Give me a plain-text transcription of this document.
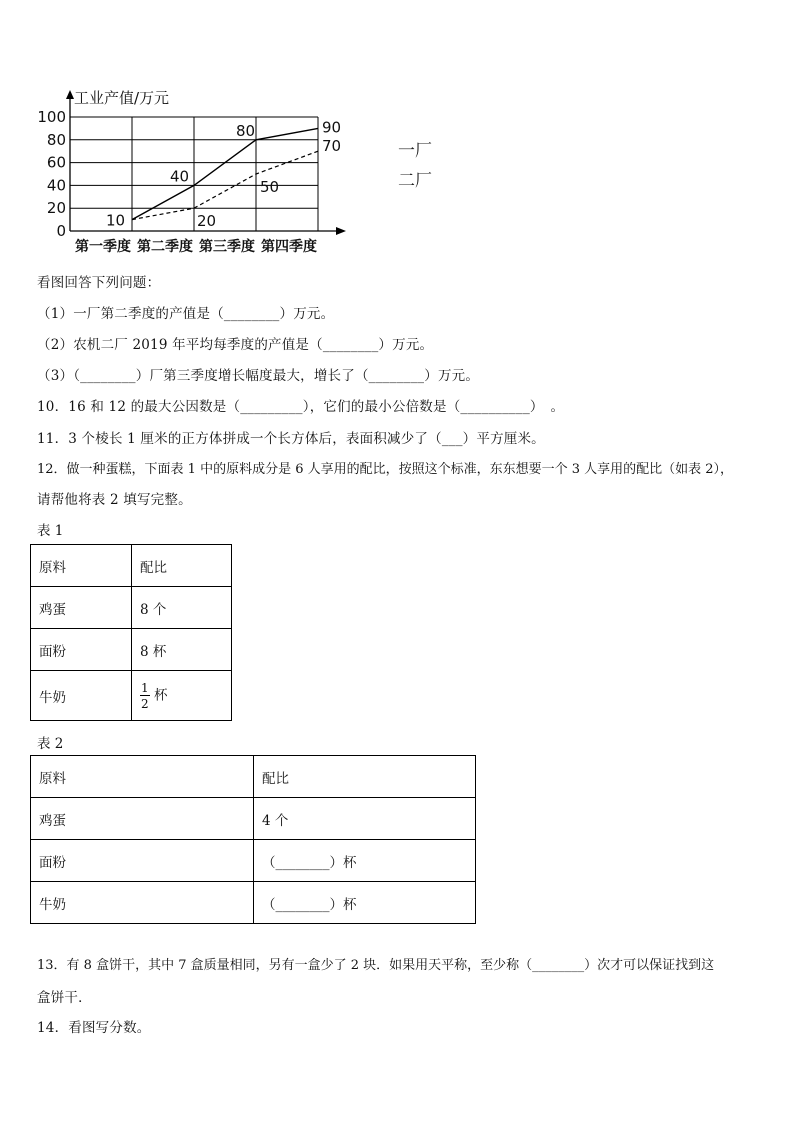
工业产值/万元
100
80
60
40
20
0
第一季度 第二季度 第三季度 第四季度
10
40
80	90
20
50
70	一厂
二厂
看图回答下列问题：
（1）一厂第二季度的产值是（________）万元。
（2）农机二厂 2019 年平均每季度的产值是（________）万元。
（3）（________）厂第三季度增长幅度最大，增长了（________）万元。
10．16 和 12 的最大公因数是（_________），它们的最小公倍数是（__________）　。
11．3 个棱长 1 厘米的正方体拼成一个长方体后，表面积减少了（___）平方厘米。
12．做一种蛋糕，下面表 1 中的原料成分是 6 人享用的配比，按照这个标准，东东想要一个 3 人享用的配比（如表 2），
请帮他将表 2 填写完整。
表 1
原料	配比
鸡蛋	8 个
面粉	8 杯
牛奶	$\frac{1}{2}$ 杯
表 2
原料	配比
鸡蛋	4 个
面粉	（________）杯
牛奶	（________）杯
13．有 8 盒饼干，其中 7 盒质量相同，另有一盒少了 2 块．如果用天平称，至少称（________）次才可以保证找到这
盒饼干．
14．看图写分数。
